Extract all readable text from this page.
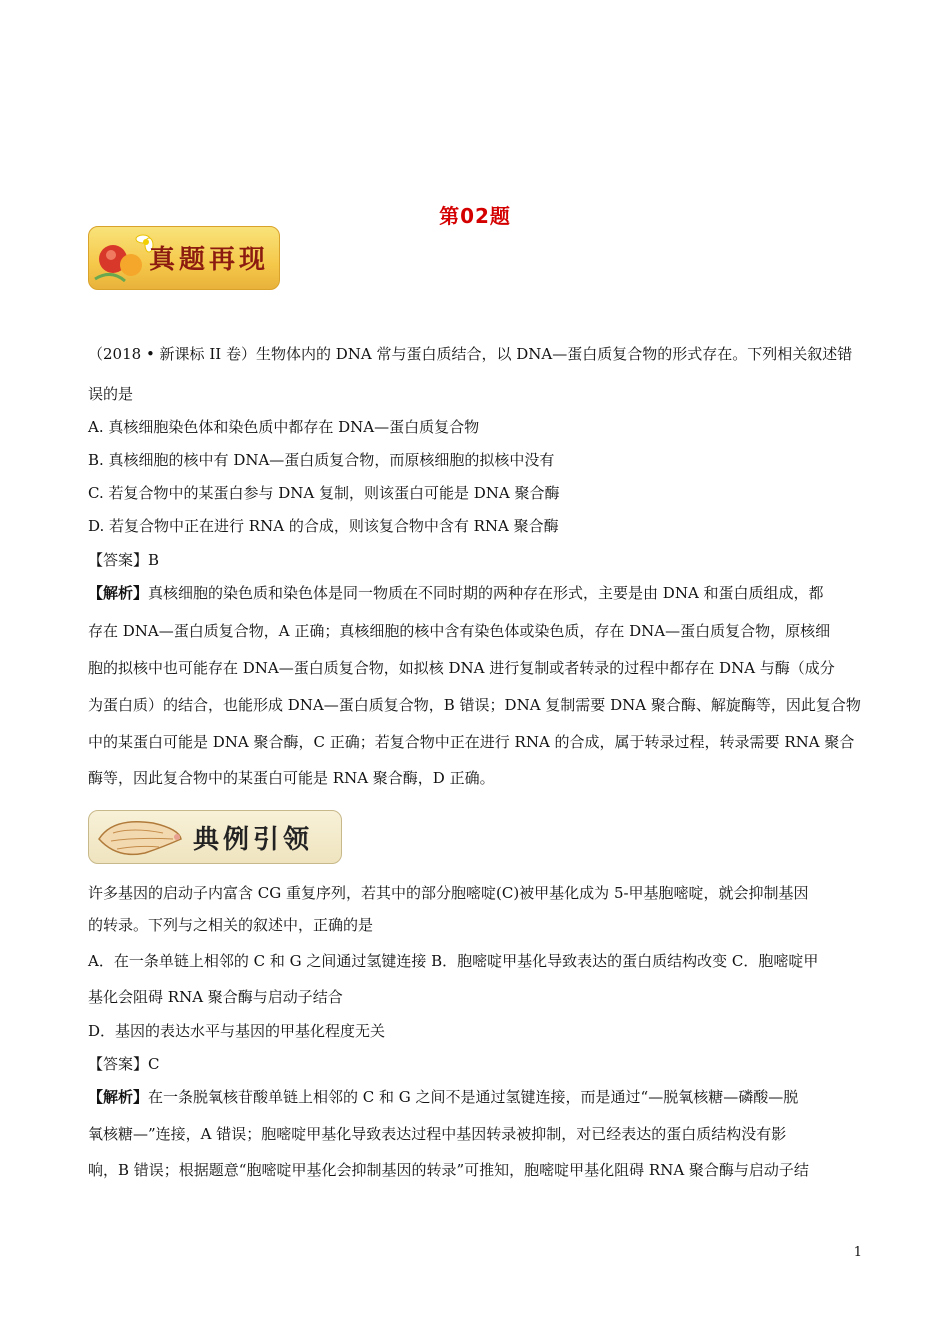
第02题
真题再现
（2018 • 新课标 II 卷）生物体内的 DNA 常与蛋白质结合，以 DNA—蛋白质复合物的形式存在。下列相关叙述错
误的是
A. 真核细胞染色体和染色质中都存在 DNA—蛋白质复合物
B. 真核细胞的核中有 DNA—蛋白质复合物，而原核细胞的拟核中没有
C. 若复合物中的某蛋白参与 DNA 复制，则该蛋白可能是 DNA 聚合酶
D. 若复合物中正在进行 RNA 的合成，则该复合物中含有 RNA 聚合酶
【答案】B
【解析】真核细胞的染色质和染色体是同一物质在不同时期的两种存在形式，主要是由 DNA 和蛋白质组成，都
存在 DNA—蛋白质复合物，A 正确；真核细胞的核中含有染色体或染色质，存在 DNA—蛋白质复合物，原核细
胞的拟核中也可能存在 DNA—蛋白质复合物，如拟核 DNA 进行复制或者转录的过程中都存在 DNA 与酶（成分
为蛋白质）的结合，也能形成 DNA—蛋白质复合物，B 错误；DNA 复制需要 DNA 聚合酶、解旋酶等，因此复合物
中的某蛋白可能是 DNA 聚合酶，C 正确；若复合物中正在进行 RNA 的合成，属于转录过程，转录需要 RNA 聚合
酶等，因此复合物中的某蛋白可能是 RNA 聚合酶，D 正确。
典例引领
许多基因的启动子内富含 CG 重复序列，若其中的部分胞嘧啶(C)被甲基化成为 5-甲基胞嘧啶，就会抑制基因
的转录。下列与之相关的叙述中，正确的是
A．在一条单链上相邻的 C 和 G 之间通过氢键连接 B．胞嘧啶甲基化导致表达的蛋白质结构改变 C．胞嘧啶甲
基化会阻碍 RNA 聚合酶与启动子结合
D．基因的表达水平与基因的甲基化程度无关
【答案】C
【解析】在一条脱氧核苷酸单链上相邻的 C 和 G 之间不是通过氢键连接，而是通过“—脱氧核糖—磷酸—脱
氧核糖—”连接，A 错误；胞嘧啶甲基化导致表达过程中基因转录被抑制，对已经表达的蛋白质结构没有影
响，B 错误；根据题意“胞嘧啶甲基化会抑制基因的转录”可推知，胞嘧啶甲基化阻碍 RNA 聚合酶与启动子结
1
